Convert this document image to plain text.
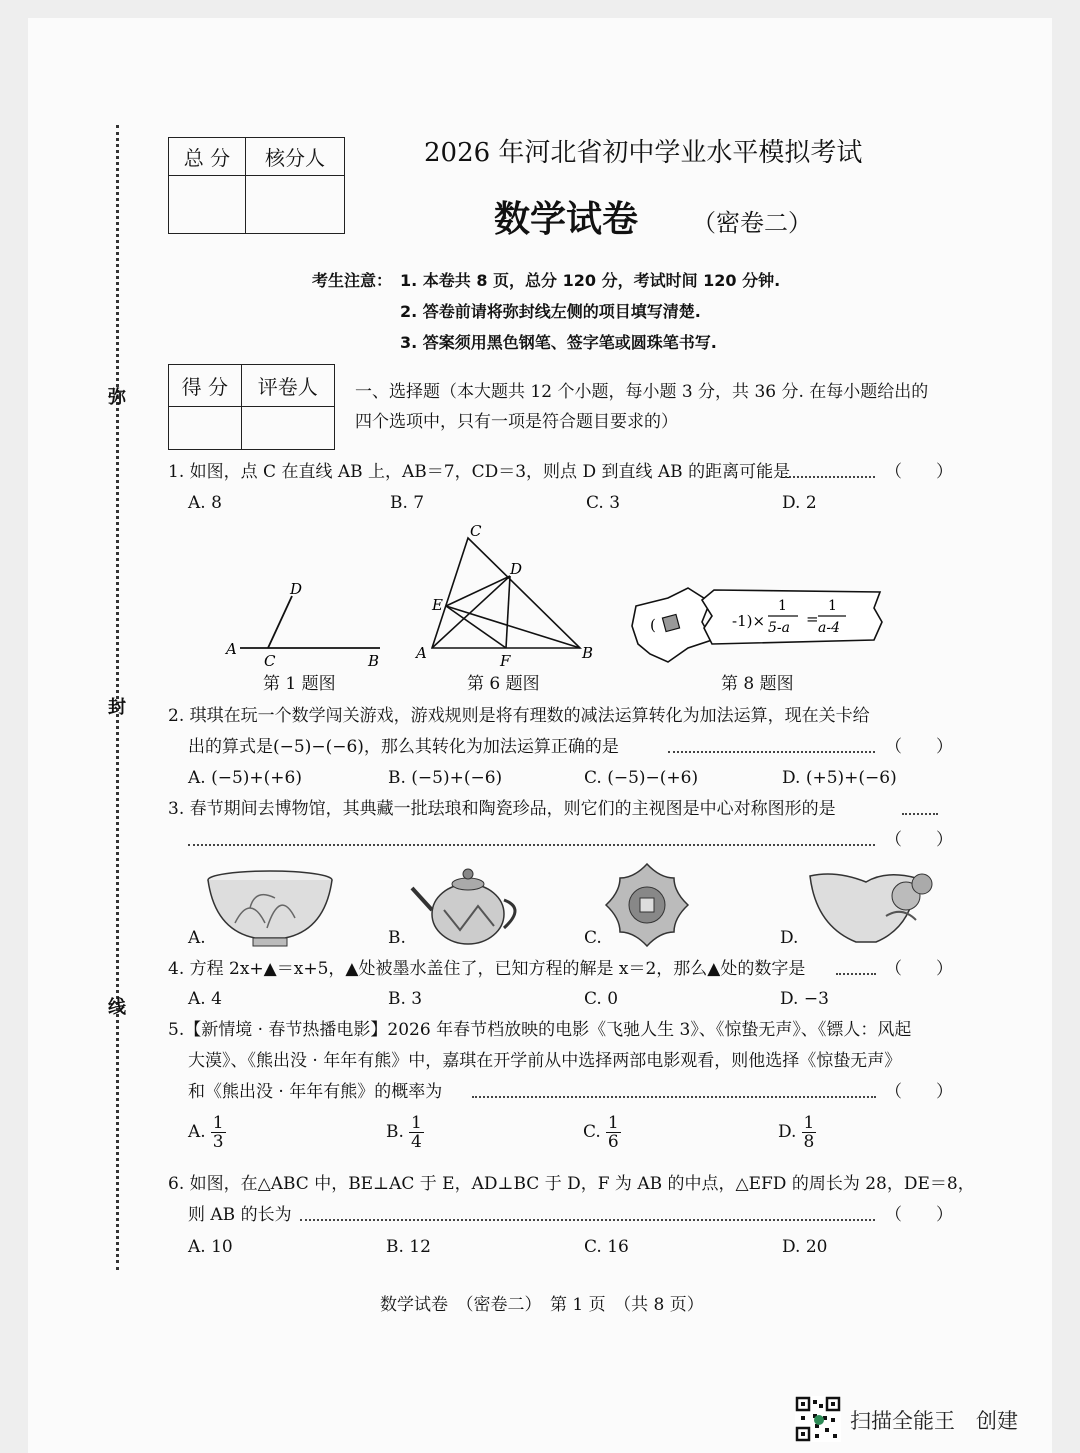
弥
封
线
总 分	核分人
		2026 年河北省初中学业水平模拟考试
数学试卷 （密卷二）
考生注意： 1. 本卷共 8 页，总分 120 分，考试时间 120 分钟.
2. 答卷前请将弥封线左侧的项目填写清楚.
3. 答案须用黑色钢笔、签字笔或圆珠笔书写.
得 分	评卷人
	一、选择题（本大题共 12 个小题，每小题 3 分，共 36 分. 在每小题给出的
四个选项中，只有一项是符合题目要求的）
1. 如图，点 C 在直线 AB 上，AB＝7，CD＝3，则点 D 到直线 AB 的距离可能是	（　　）
A. 8	B. 7	C. 3	D. 2
D
A
C	B
第 1 题图
C
D
E
A	F	B
第 6 题图
(	-1)×
1
5-a =
1
a-4
第 8 题图
2. 琪琪在玩一个数学闯关游戏，游戏规则是将有理数的减法运算转化为加法运算，现在关卡给
出的算式是(−5)−(−6)，那么其转化为加法运算正确的是	（　　）
A. (−5)+(+6)	B. (−5)+(−6)	C. (−5)−(+6)	D. (+5)+(−6)
3. 春节期间去博物馆，其典藏一批珐琅和陶瓷珍品，则它们的主视图是中心对称图形的是
（　　）
A.	B.	C.	D.
4. 方程 2x+▲＝x+5，▲处被墨水盖住了，已知方程的解是 x＝2，那么▲处的数字是	（　　）
A. 4	B. 3	C. 0	D. −3
5.【新情境 · 春节热播电影】2026 年春节档放映的电影《飞驰人生 3》、《惊蛰无声》、《镖人：风起
大漠》、《熊出没 · 年年有熊》中，嘉琪在开学前从中选择两部电影观看，则他选择《惊蛰无声》
和《熊出没 · 年年有熊》的概率为	（　　）
A. $\frac{1}{3}$	B. $\frac{1}{4}$	C. $\frac{1}{6}$	D. $\frac{1}{8}$
6. 如图，在△ABC 中，BE⊥AC 于 E，AD⊥BC 于 D，F 为 AB 的中点，△EFD 的周长为 28，DE＝8，
则 AB 的长为	（　　）
A. 10	B. 12	C. 16	D. 20
数学试卷　（密卷二）　第 1 页　（共 8 页）
扫描全能王　创建
